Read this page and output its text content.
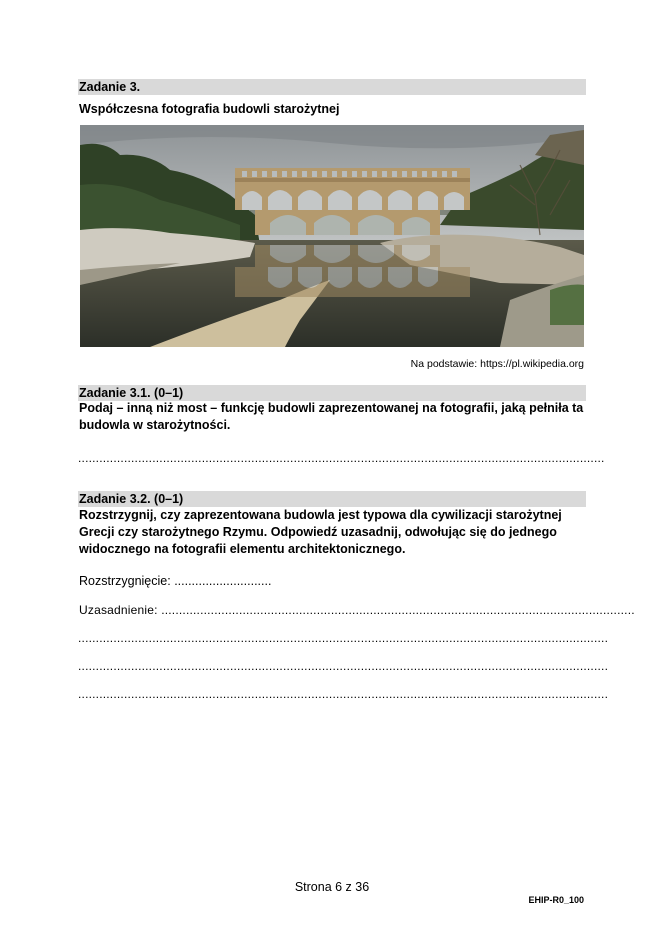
Zadanie 3.
Współczesna fotografia budowli starożytnej
Na podstawie: https://pl.wikipedia.org
Zadanie 3.1. (0–1)
Podaj – inną niż most – funkcję budowli zaprezentowanej na fotografii, jaką pełniła ta
budowla w starożytności.
.....................................................................................................................................................
Zadanie 3.2. (0–1)
Rozstrzygnij, czy zaprezentowana budowla jest typowa dla cywilizacji starożytnej
Grecji czy starożytnego Rzymu. Odpowiedź uzasadnij, odwołując się do jednego
widocznego na fotografii elementu architektonicznego.
Rozstrzygnięcie: ............................
Uzasadnienie: ......................................................................................................................................
......................................................................................................................................................
......................................................................................................................................................
......................................................................................................................................................
Strona 6 z 36
EHIP-R0_100
